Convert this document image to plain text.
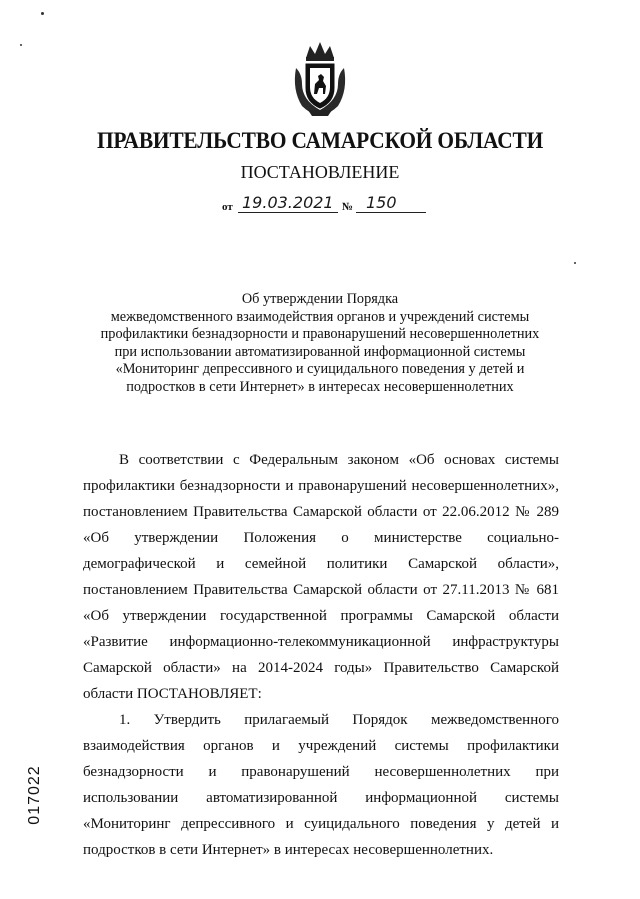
ПРАВИТЕЛЬСТВО САМАРСКОЙ ОБЛАСТИ
ПОСТАНОВЛЕНИЕ
от 19.03.2021 № 150
Об утверждении Порядка
межведомственного взаимодействия органов и учреждений системы
профилактики безнадзорности и правонарушений несовершеннолетних
при использовании автоматизированной информационной системы
«Мониторинг депрессивного и суицидального поведения у детей и
подростков в сети Интернет» в интересах несовершеннолетних
В соответствии с Федеральным законом «Об основах системы
профилактики безнадзорности и правонарушений несовершеннолетних»,
постановлением Правительства Самарской области от 22.06.2012 № 289
«Об утверждении Положения о министерстве социально-
демографической и семейной политики Самарской области»,
постановлением Правительства Самарской области от 27.11.2013 № 681
«Об утверждении государственной программы Самарской области
«Развитие информационно-телекоммуникационной инфраструктуры
Самарской области» на 2014-2024 годы» Правительство Самарской
области ПОСТАНОВЛЯЕТ:
1. Утвердить прилагаемый Порядок межведомственного
взаимодействия органов и учреждений системы профилактики
безнадзорности и правонарушений несовершеннолетних при
использовании автоматизированной информационной системы
«Мониторинг депрессивного и суицидального поведения у детей и
подростков в сети Интернет» в интересах несовершеннолетних.
017022
